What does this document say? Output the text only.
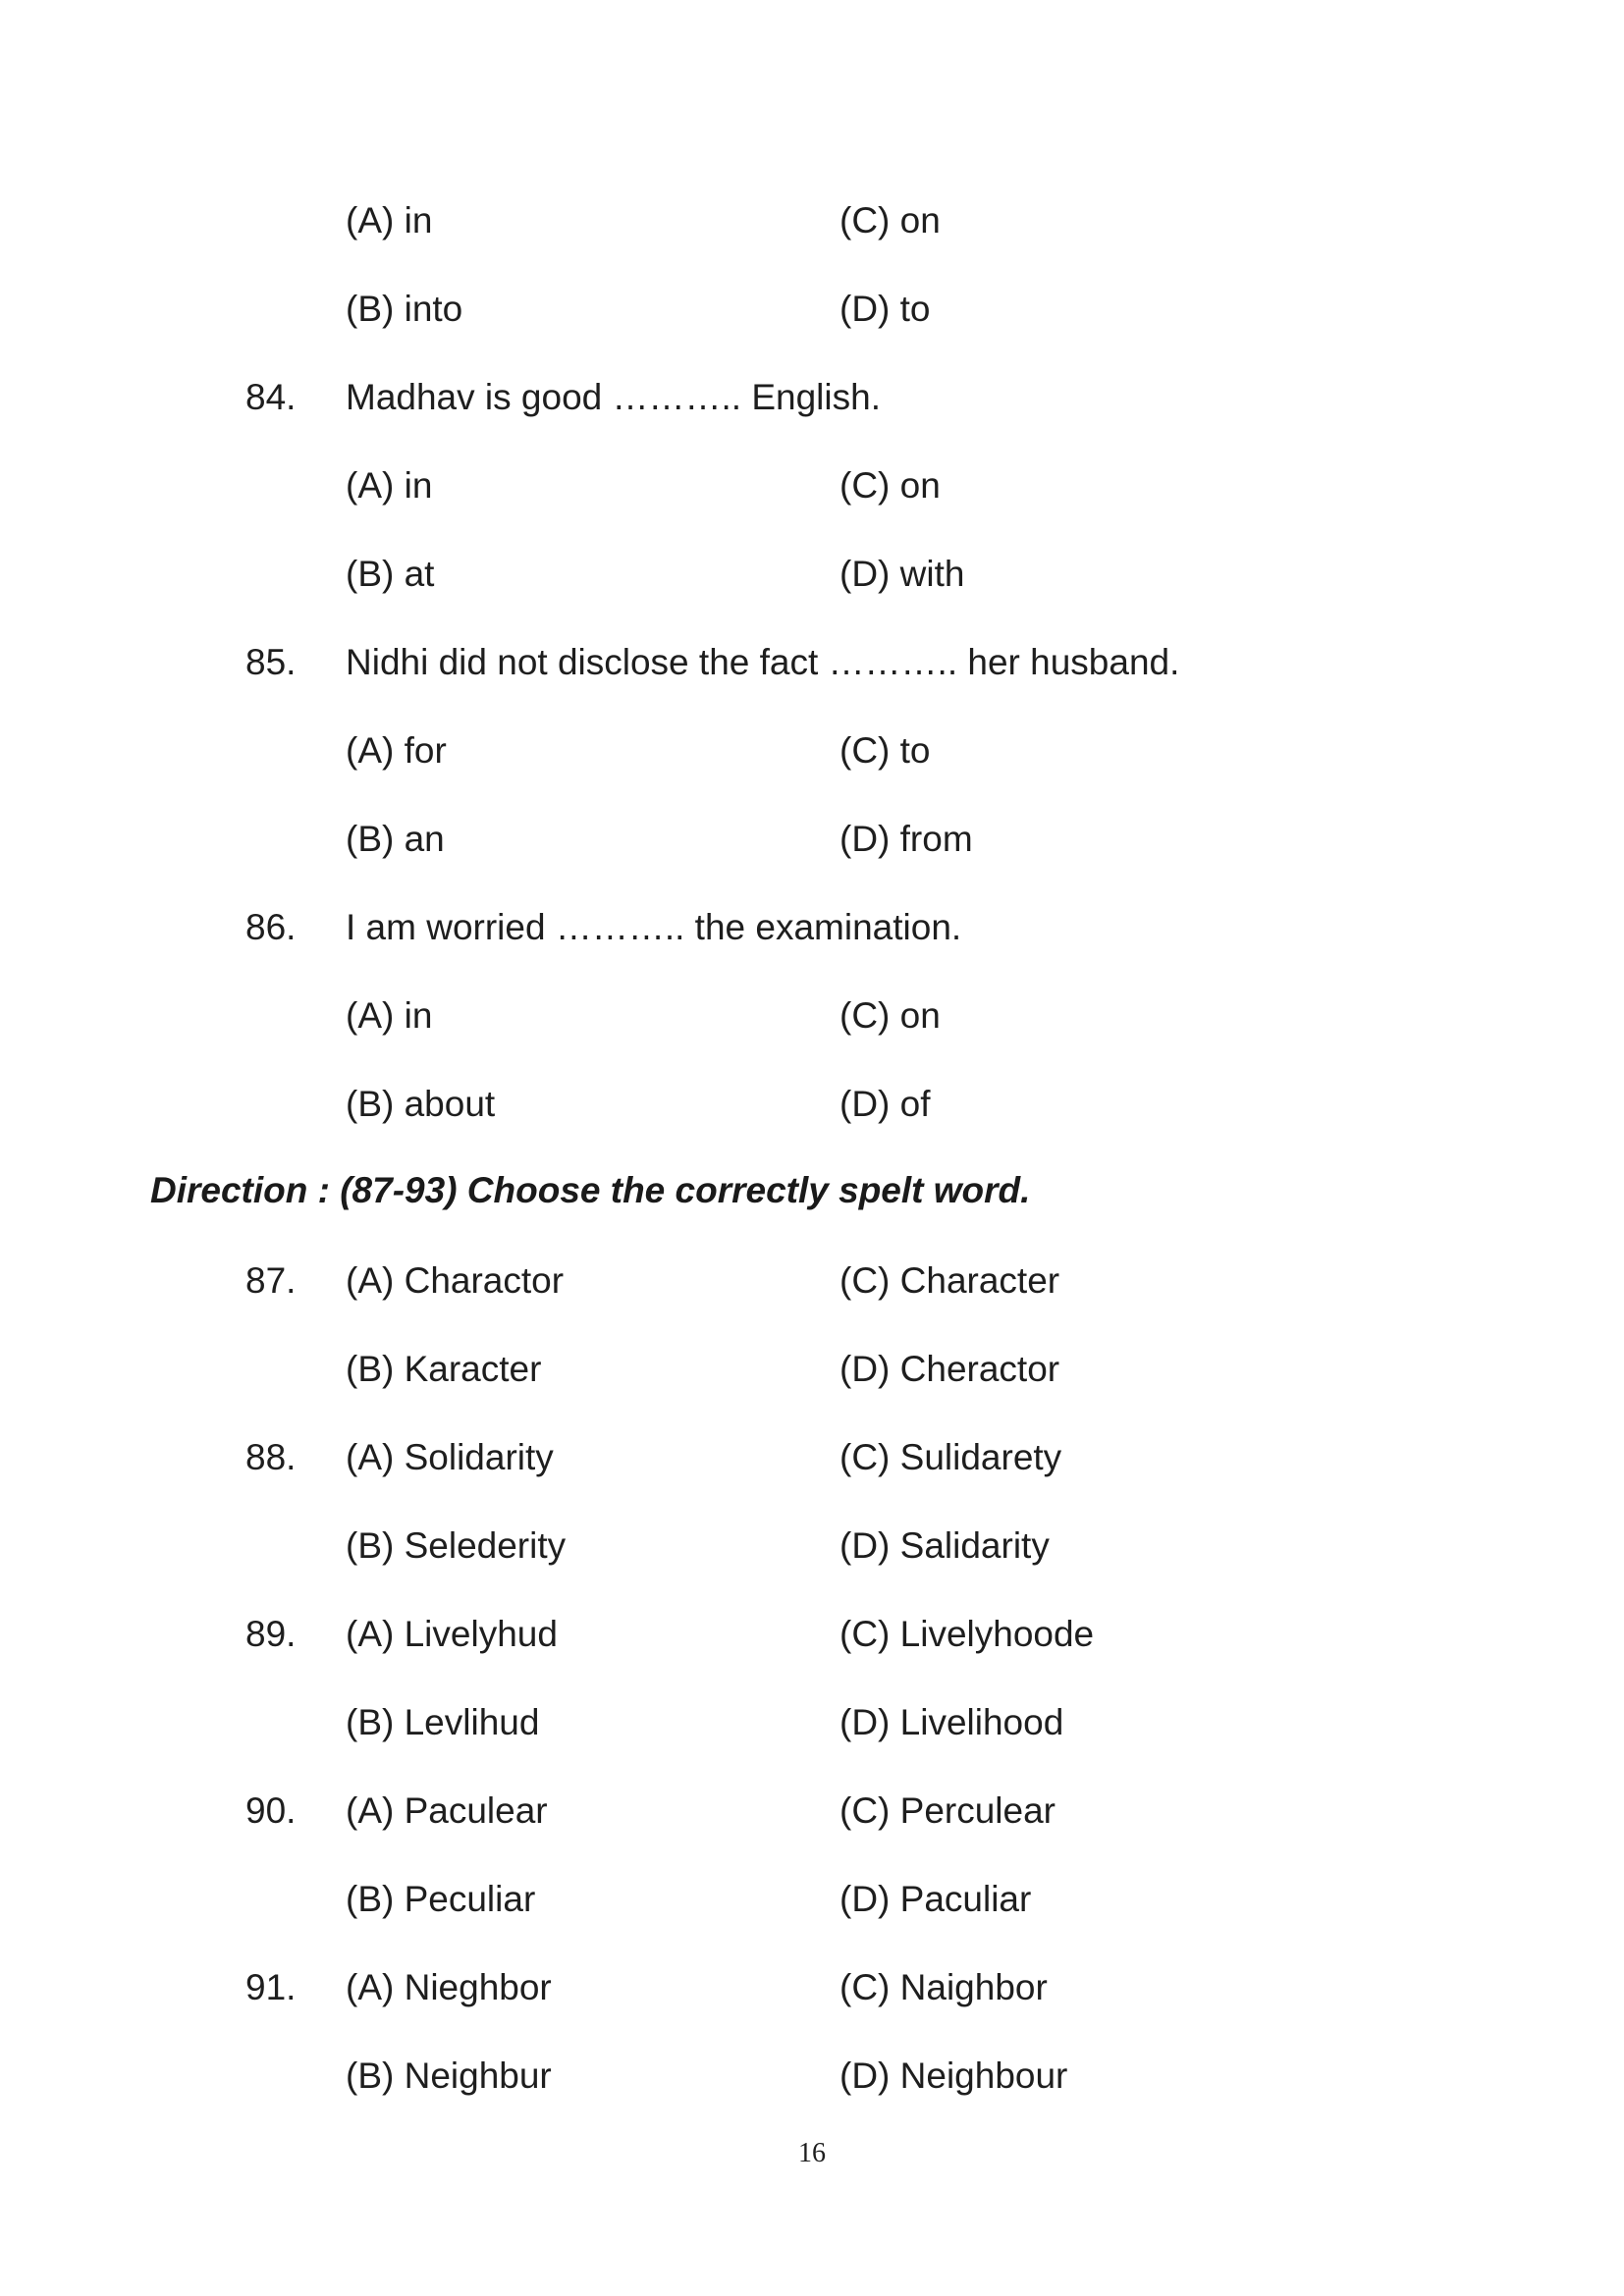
(A) in	(C) on
(B) into	(D) to
84. Madhav is good ……….. English.
(A) in	(C) on
(B) at	(D) with
85. Nidhi did not disclose the fact ……….. her husband.
(A) for	(C) to
(B) an	(D) from
86. I am worried ……….. the examination.
(A) in	(C) on
(B) about	(D) of
Direction : (87-93) Choose the correctly spelt word.
87. (A) Charactor	(C) Character
(B) Karacter	(D) Cheractor
88. (A) Solidarity	(C) Sulidarety
(B) Selederity	(D) Salidarity
89. (A) Livelyhud	(C) Livelyhoode
(B) Levlihud	(D) Livelihood
90. (A) Paculear	(C) Perculear
(B) Peculiar	(D) Paculiar
91. (A) Nieghbor	(C) Naighbor
(B) Neighbur	(D) Neighbour
16
